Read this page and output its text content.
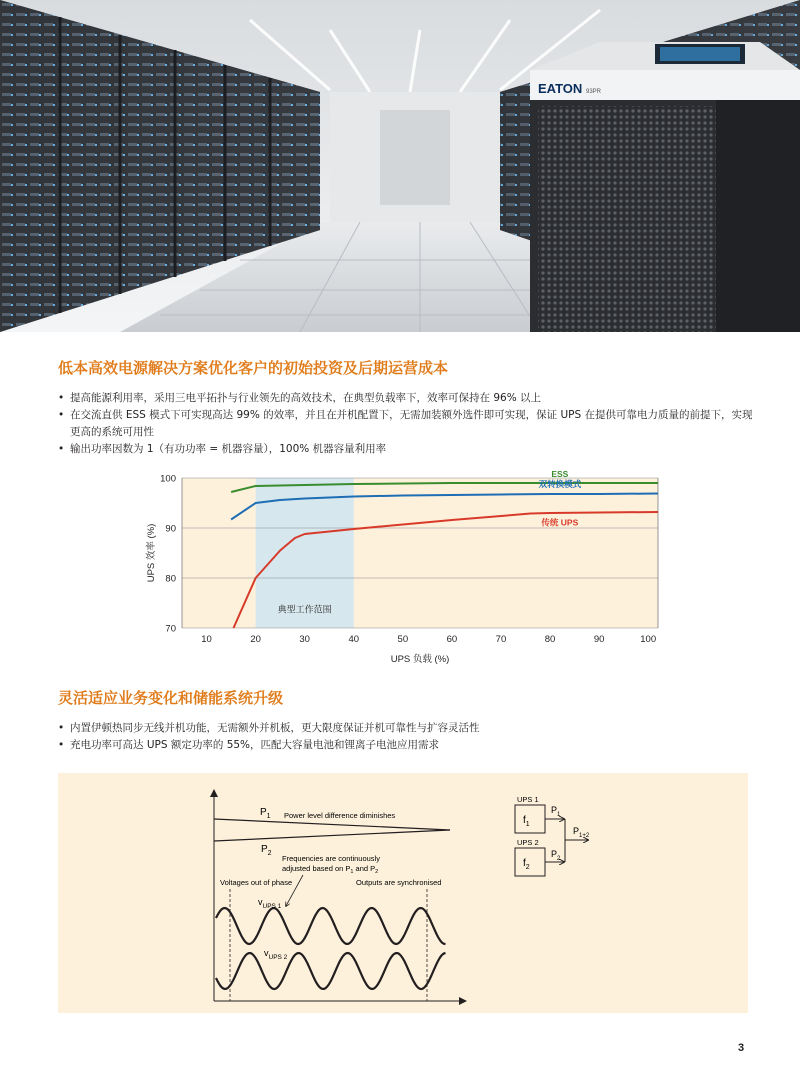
EATON 93PR
低本高效电源解决方案优化客户的初始投资及后期运营成本
• 提高能源利用率，采用三电平拓扑与行业领先的高效技术，在典型负载率下，效率可保持在 96% 以上
• 在交流直供 ESS 模式下可实现高达 99% 的效率，并且在并机配置下，无需加装额外选件即可实现，保证 UPS 在提供可靠电力质量的前提下，实现更高的系统可用性
• 输出功率因数为 1（有功功率 = 机器容量），100% 机器容量利用率
70
80
90
100
10	20	30	40	50	60	70	80	90	100
典型工作范围
ESS
双转换模式
传统 UPS
UPS 负载 (%)
UPS 效率 (%)
灵活适应业务变化和储能系统升级
• 内置伊顿热同步无线并机功能，无需额外并机板，更大限度保证并机可靠性与扩容灵活性
• 充电功率可高达 UPS 额定功率的 55%，匹配大容量电池和锂离子电池应用需求
$P_1$
$P_2$
Power level difference diminishes
Frequencies are continuously
adjusted based on $P_1$ and $P_2$
Voltages out of phase	Outputs are synchronised
$v_{UPS 1}$
$v_{UPS 2}$
UPS 1
$f_1$
UPS 2
$f_2$
$P_1$
$P_2$
$P_{1+2}$
3
